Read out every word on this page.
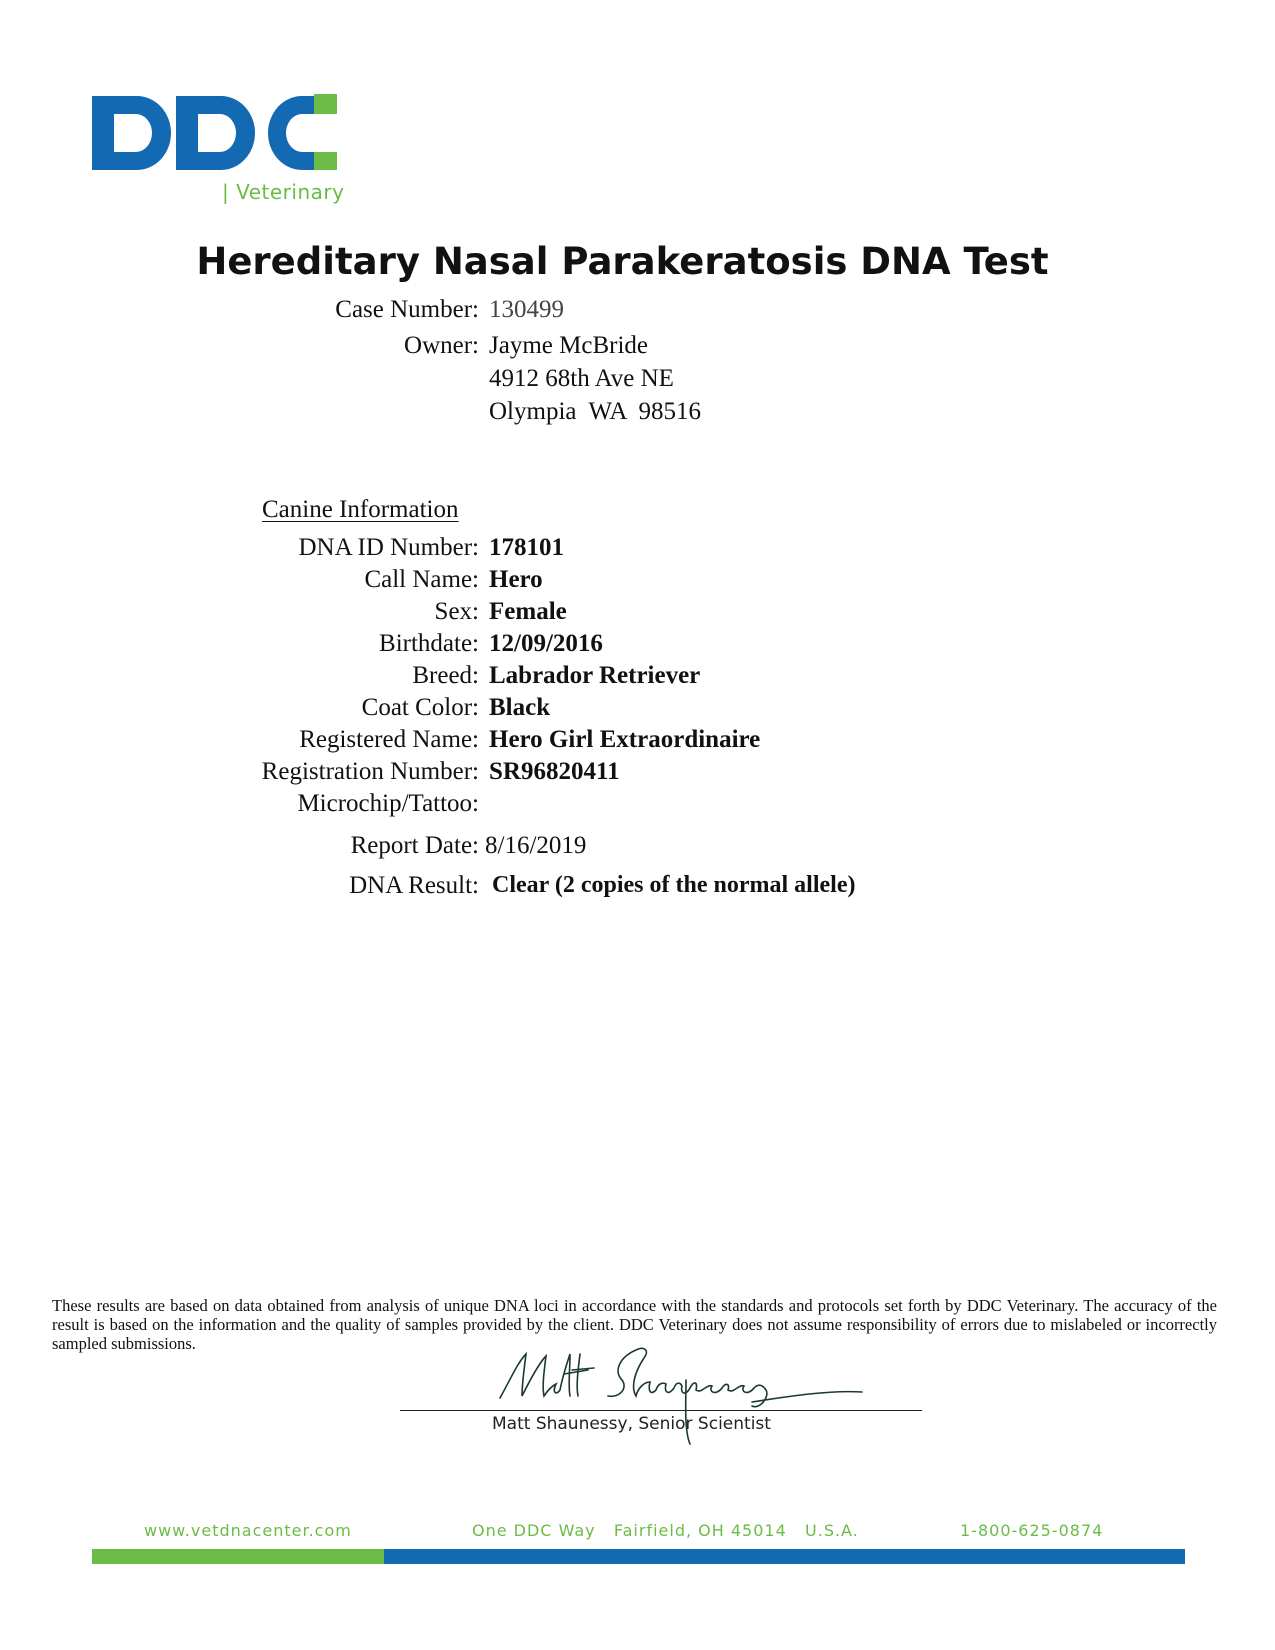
| Veterinary
Hereditary Nasal Parakeratosis DNA Test
Case Number: 130499
Owner: Jayme McBride
4912 68th Ave NE
Olympia  WA  98516
Canine Information
DNA ID Number: 178101
Call Name: Hero
Sex: Female
Birthdate: 12/09/2016
Breed: Labrador Retriever
Coat Color: Black
Registered Name: Hero Girl Extraordinaire
Registration Number: SR96820411
Microchip/Tattoo:
Report Date: 8/16/2019
DNA Result: Clear (2 copies of the normal allele)
These results are based on data obtained from analysis of unique DNA loci in accordance with the standards and protocols set forth by DDC Veterinary. The accuracy of the result is based on the information and the quality of samples provided by the client. DDC Veterinary does not assume responsibility of errors due to mislabeled or incorrectly sampled submissions.
Matt Shaunessy, Senior Scientist
www.vetdnacenter.com	One DDC Way   Fairfield, OH 45014   U.S.A.	1-800-625-0874
